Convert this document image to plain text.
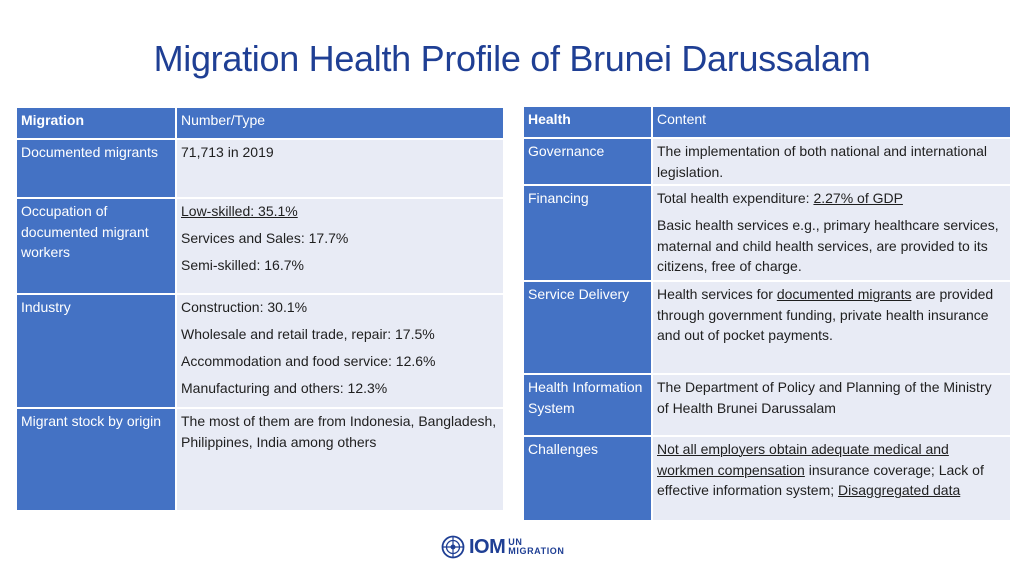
Migration Health Profile of Brunei Darussalam
Migration	Number/Type
Documented migrants	71,713 in 2019

Occupation of documented migrant workers	Low-skilled: 35.1%

Services and Sales: 17.7%

Semi-skilled: 16.7%

Industry	Construction: 30.1%

Wholesale and retail trade, repair: 17.5%

Accommodation and food service: 12.6%

Manufacturing and others: 12.3%

Migrant stock by origin	The most of them are from Indonesia, Bangladesh, Philippines, India among others

Health	Content
Governance	The implementation of both national and international legislation.

Financing	Total health expenditure: 2.27% of GDP

Basic health services e.g., primary healthcare services, maternal and child health services, are provided to its citizens, free of charge.

Service Delivery	Health services for documented migrants are provided through government funding, private health insurance and out of pocket payments.

Health Information System	The Department of Policy and Planning of the Ministry of Health Brunei Darussalam

Challenges	Not all employers obtain adequate medical and workmen compensation insurance coverage; Lack of effective information system; Disaggregated data

IOM UN
MIGRATION
